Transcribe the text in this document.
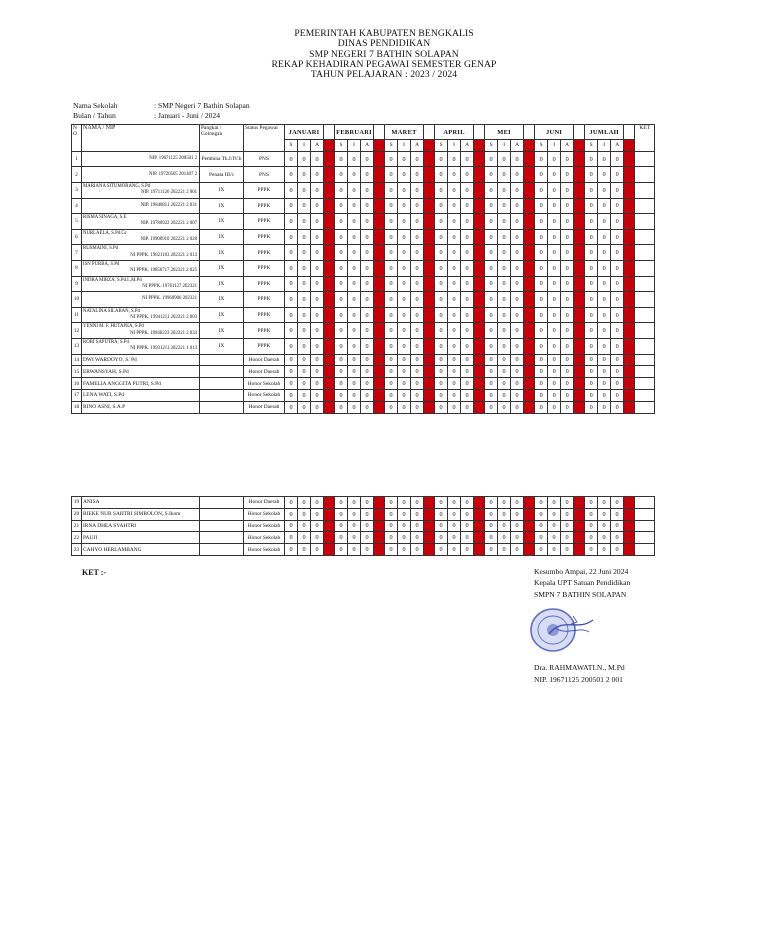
PEMERINTAH KABUPATEN BENGKALIS
DINAS PENDIDIKAN
SMP NEGERI 7 BATHIN SOLAPAN
REKAP KEHADIRAN PEGAWAI SEMESTER GENAP
TAHUN PELAJARAN : 2023 / 2024
Nama Sekolah	: SMP Negeri 7 Bathin Solapan
Bulan / Tahun	: Januari - Juni / 2024
N O	NAMA / NIP	Pangkat / Golongan	Status Pegawai	JANUARI				FEBRUARI				MARET				APRIL				MEI				JUNI				JUMLAH				KET
				S	I	A		S	I	A		S	I	A		S	I	A		S	I	A		S	I	A		S	I	A		
1	NIP. 19671125 200501 2	Pembina Tk.I/IV.b	PNS	0	0	0		0	0	0		0	0	0		0	0	0		0	0	0		0	0	0		0	0	0		
2	NIP. 19720505 201407 2	Penata III/c	PNS	0	0	0		0	0	0		0	0	0		0	0	0		0	0	0		0	0	0		0	0	0		
3	MARIANA SITUMORANG, S.Pd
NIP. 19711126 202221 2 001	IX	PPPK	0	0	0		0	0	0		0	0	0		0	0	0		0	0	0		0	0	0		0	0	0		
4	NIP. 19840811 202221 2 031	IX	PPPK	0	0	0		0	0	0		0	0	0		0	0	0		0	0	0		0	0	0		0	0	0		
5	RISMA SINAGA, S.E
NIP. 19780922 202221 2 007	IX	PPPK	0	0	0		0	0	0		0	0	0		0	0	0		0	0	0		0	0	0		0	0	0		
6	NURLAELA, S.Pd.Gr
NIP. 19900910 202221 2 028	IX	PPPK	0	0	0		0	0	0		0	0	0		0	0	0		0	0	0		0	0	0		0	0	0		
7	RUSMAINI, S.Pd
NI PPPK. 19821103 202321 2 013	IX	PPPK	0	0	0		0	0	0		0	0	0		0	0	0		0	0	0		0	0	0		0	0	0		
8	ISN PURBA, S.Pd
NI PPPK. 19850717 202321 2 025	IX	PPPK	0	0	0		0	0	0		0	0	0		0	0	0		0	0	0		0	0	0		0	0	0		
9	INDRA MIRZA, S.Pd.I.,M.Pd
NI PPPK. 19761127 202321	IX	PPPK	0	0	0		0	0	0		0	0	0		0	0	0		0	0	0		0	0	0		0	0	0		
10	NI PPPK. 19960906 202321	IX	PPPK	0	0	0		0	0	0		0	0	0		0	0	0		0	0	0		0	0	0		0	0	0		
11	NATALINA SILABAN, S.Pd
NI PPPK. 19941211 202321 2 003	IX	PPPK	0	0	0		0	0	0		0	0	0		0	0	0		0	0	0		0	0	0		0	0	0		
12	YENNI M. F. HUTAPEA, S.Pd
NI PPPK. 19940223 202321 2 033	IX	PPPK	0	0	0		0	0	0		0	0	0		0	0	0		0	0	0		0	0	0		0	0	0		
13	ROBI SAPUTRA, S.Pd
NI PPPK. 19931211 202321 1 013	IX	PPPK	0	0	0		0	0	0		0	0	0		0	0	0		0	0	0		0	0	0		0	0	0		
14	DWI WARDOYO, S. Pd		Honor Daerah	0	0	0		0	0	0		0	0	0		0	0	0		0	0	0		0	0	0		0	0	0		
15	ERWANSYAH, S.Pd		Honor Daerah	0	0	0		0	0	0		0	0	0		0	0	0		0	0	0		0	0	0		0	0	0		
16	FAMELIA ANGGITA PUTRI, S.Pd		Honor Sekolah	0	0	0		0	0	0		0	0	0		0	0	0		0	0	0		0	0	0		0	0	0		
17	LENA WATI, S.Pd		Honor Sekolah	0	0	0		0	0	0		0	0	0		0	0	0		0	0	0		0	0	0		0	0	0		
18	RINO ASNI, S.A.P		Honor Daerah	0	0	0		0	0	0		0	0	0		0	0	0		0	0	0		0	0	0		0	0	0		
19	ANISA		Honor Daerah	0	0	0		0	0	0		0	0	0		0	0	0		0	0	0		0	0	0		0	0	0		
20	RIEKE NUR SAHTRI SIMBOLON, S.Ikom		Honor Sekolah	0	0	0		0	0	0		0	0	0		0	0	0		0	0	0		0	0	0		0	0	0		
21	IRNA DHEA SYAHTRI		Honor Sekolah	0	0	0		0	0	0		0	0	0		0	0	0		0	0	0		0	0	0		0	0	0		
22	PAUJI		Honor Sekolah	0	0	0		0	0	0		0	0	0		0	0	0		0	0	0		0	0	0		0	0	0		
23	CAHYO HERLAMBANG		Honor Sekolah	0	0	0		0	0	0		0	0	0		0	0	0		0	0	0		0	0	0		0	0	0		
KET :-	Kesumbo Ampai, 22 Juni 2024
Kepala UPT Satuan Pendidikan
SMPN 7 BATHIN SOLAPAN
Dra. RAHMAWATI.N., M.Pd
NIP. 19671125 200501 2 001
